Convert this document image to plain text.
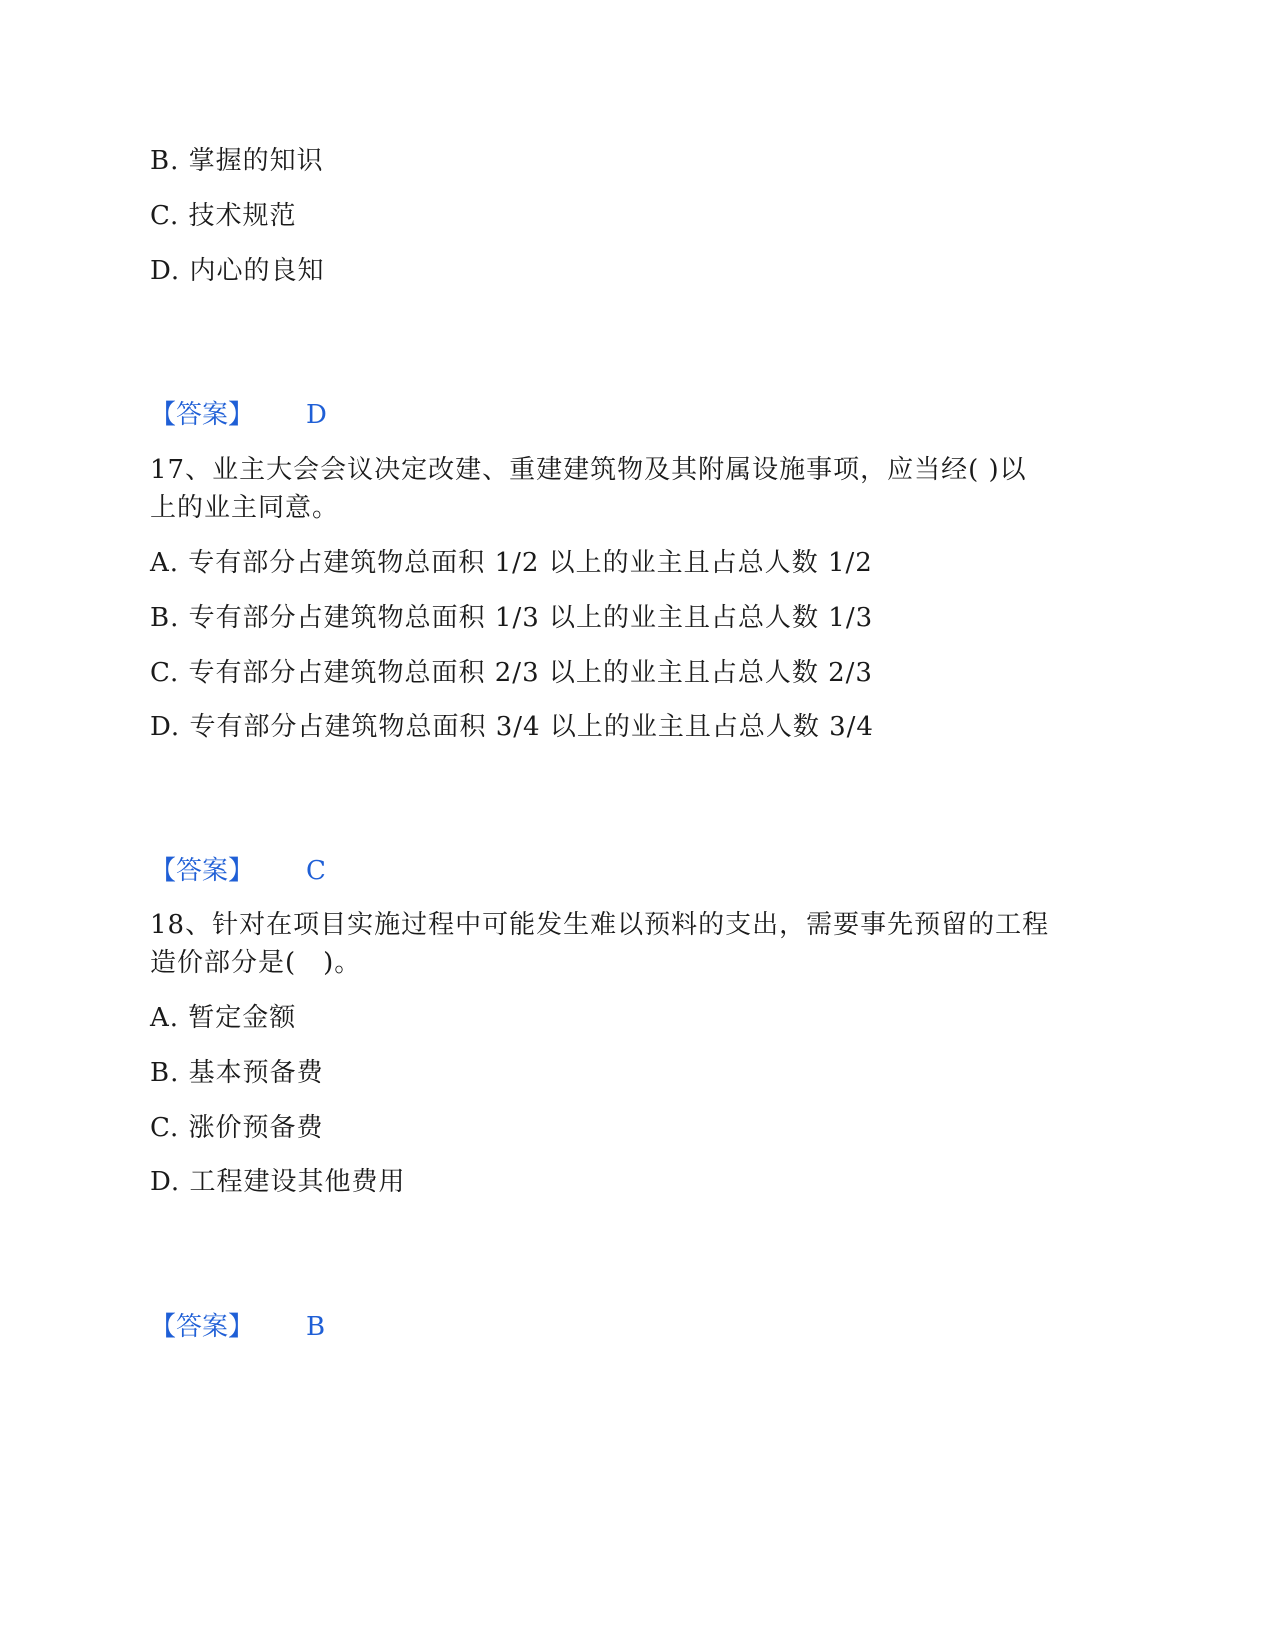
B. 掌握的知识
C. 技术规范
D. 内心的良知
【答案】 D
17、业主大会会议决定改建、重建建筑物及其附属设施事项，应当经( )以
上的业主同意。
A. 专有部分占建筑物总面积 1/2 以上的业主且占总人数 1/2
B. 专有部分占建筑物总面积 1/3 以上的业主且占总人数 1/3
C. 专有部分占建筑物总面积 2/3 以上的业主且占总人数 2/3
D. 专有部分占建筑物总面积 3/4 以上的业主且占总人数 3/4
【答案】 C
18、针对在项目实施过程中可能发生难以预料的支出，需要事先预留的工程
造价部分是(　)。
A. 暂定金额
B. 基本预备费
C. 涨价预备费
D. 工程建设其他费用
【答案】 B
